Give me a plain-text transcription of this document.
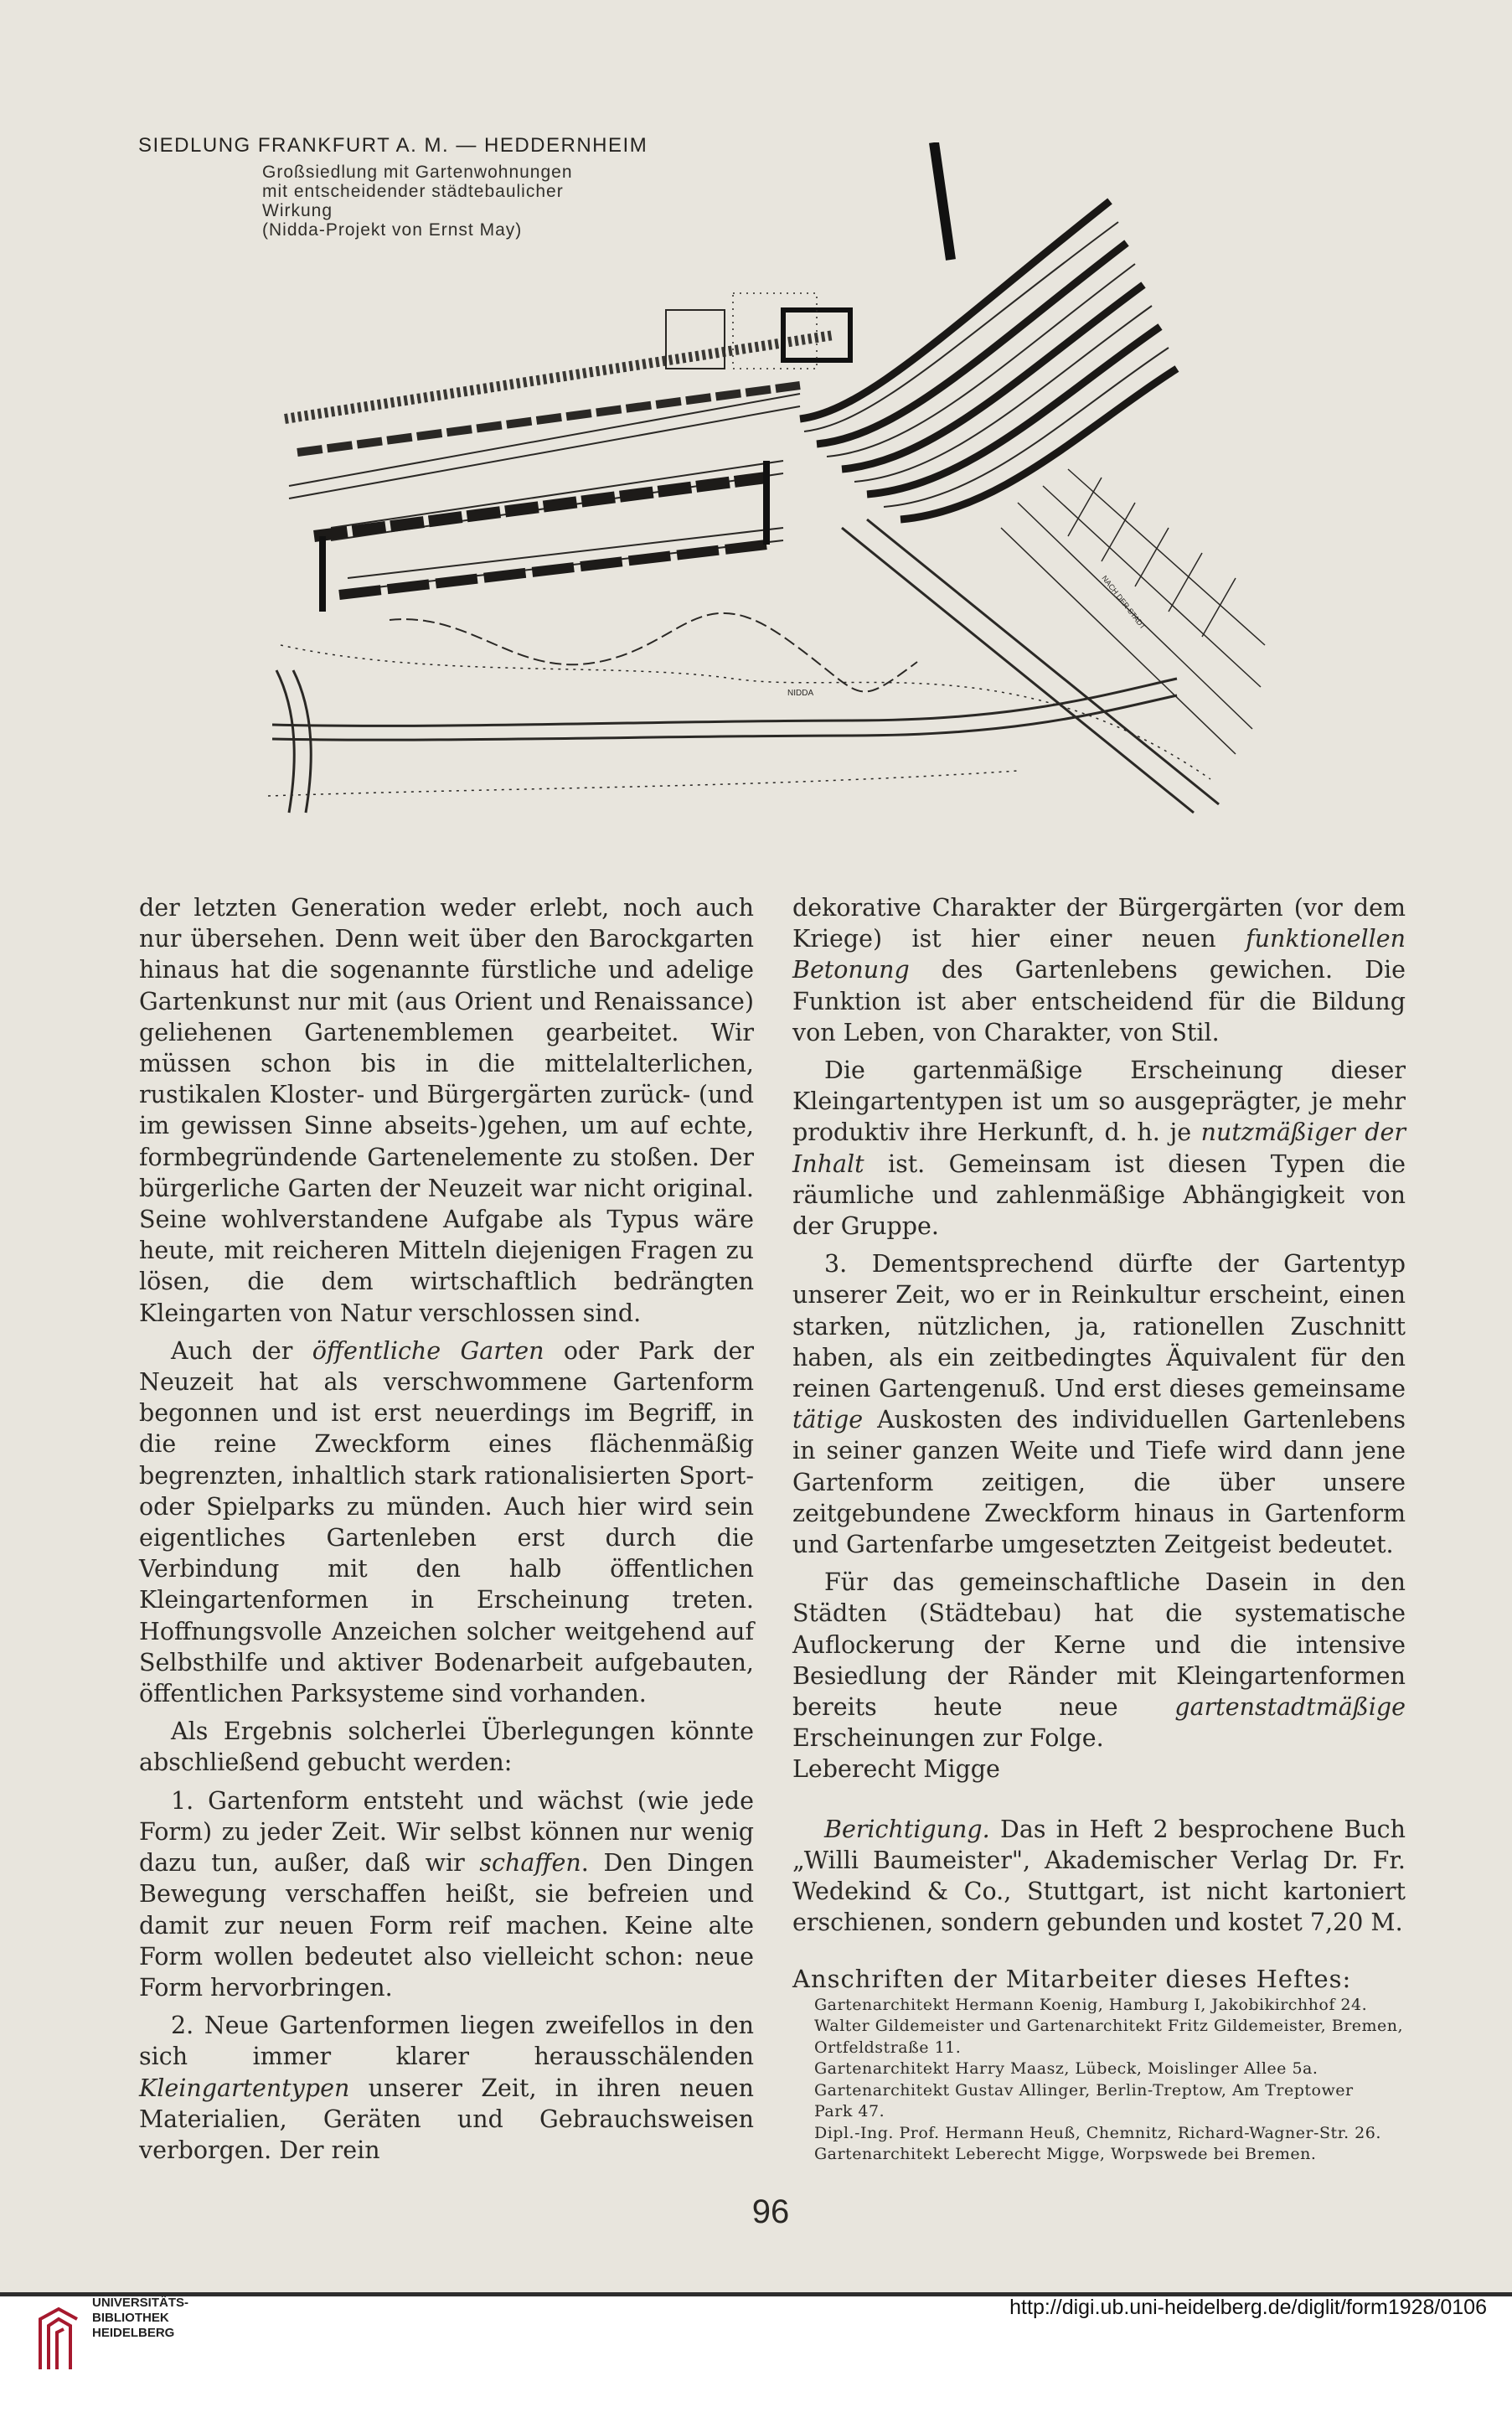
SIEDLUNG FRANKFURT A. M. — HEDDERNHEIM
Großsiedlung mit Gartenwohnungen
mit entscheidender städtebaulicher
Wirkung
(Nidda-Projekt von Ernst May)
NIDDA
NACH DER STADT

der letzten Generation weder erlebt, noch auch nur übersehen. Denn weit über den Barockgarten hinaus hat die sogenannte fürstliche und adelige Gartenkunst nur mit (aus Orient und Renaissance) geliehenen Gartenemblemen gearbeitet. Wir müssen schon bis in die mittelalterlichen, rustikalen Kloster- und Bürgergärten zurück- (und im gewissen Sinne abseits-)gehen, um auf echte, formbegründende Gartenelemente zu stoßen. Der bürgerliche Garten der Neuzeit war nicht original. Seine wohlverstandene Aufgabe als Typus wäre heute, mit reicheren Mitteln diejenigen Fragen zu lösen, die dem wirtschaftlich bedrängten Kleingarten von Natur verschlossen sind.

Auch der öffentliche Garten oder Park der Neuzeit hat als verschwommene Gartenform begonnen und ist erst neuerdings im Begriff, in die reine Zweckform eines flächenmäßig begrenzten, inhaltlich stark rationalisierten Sport- oder Spielparks zu münden. Auch hier wird sein eigentliches Gartenleben erst durch die Verbindung mit den halb öffentlichen Kleingartenformen in Erscheinung treten. Hoffnungsvolle Anzeichen solcher weitgehend auf Selbsthilfe und aktiver Bodenarbeit aufgebauten, öffentlichen Parksysteme sind vorhanden.

Als Ergebnis solcherlei Überlegungen könnte abschließend gebucht werden:

1. Gartenform entsteht und wächst (wie jede Form) zu jeder Zeit. Wir selbst können nur wenig dazu tun, außer, daß wir schaffen. Den Dingen Bewegung verschaffen heißt, sie befreien und damit zur neuen Form reif machen. Keine alte Form wollen bedeutet also vielleicht schon: neue Form hervorbringen.

2. Neue Gartenformen liegen zweifellos in den sich immer klarer herausschälenden Kleingartentypen unserer Zeit, in ihren neuen Materialien, Geräten und Gebrauchsweisen verborgen. Der rein

dekorative Charakter der Bürgergärten (vor dem Kriege) ist hier einer neuen funktionellen Betonung des Gartenlebens gewichen. Die Funktion ist aber entscheidend für die Bildung von Leben, von Charakter, von Stil.

Die gartenmäßige Erscheinung dieser Kleingartentypen ist um so ausgeprägter, je mehr produktiv ihre Herkunft, d. h. je nutzmäßiger der Inhalt ist. Gemeinsam ist diesen Typen die räumliche und zahlenmäßige Abhängigkeit von der Gruppe.

3. Dementsprechend dürfte der Gartentyp unserer Zeit, wo er in Reinkultur erscheint, einen starken, nützlichen, ja, rationellen Zuschnitt haben, als ein zeitbedingtes Äquivalent für den reinen Gartengenuß. Und erst dieses gemeinsame tätige Auskosten des individuellen Gartenlebens in seiner ganzen Weite und Tiefe wird dann jene Gartenform zeitigen, die über unsere zeitgebundene Zweckform hinaus in Gartenform und Gartenfarbe umgesetzten Zeitgeist bedeutet.

Für das gemeinschaftliche Dasein in den Städten (Städtebau) hat die systematische Auflockerung der Kerne und die intensive Besiedlung der Ränder mit Kleingartenformen bereits heute neue gartenstadtmäßige Erscheinungen zur Folge.

Leberecht Migge

Berichtigung. Das in Heft 2 besprochene Buch „Willi Baumeister", Akademischer Verlag Dr. Fr. Wedekind & Co., Stuttgart, ist nicht kartoniert erschienen, sondern gebunden und kostet 7,20 M.

Anschriften der Mitarbeiter dieses Heftes:

Gartenarchitekt Hermann Koenig, Hamburg I, Jakobikirchhof 24.
Walter Gildemeister und Gartenarchitekt Fritz Gildemeister, Bremen,
Ortfeldstraße 11.
Gartenarchitekt Harry Maasz, Lübeck, Moislinger Allee 5a.
Gartenarchitekt Gustav Allinger, Berlin-Treptow, Am Treptower
Park 47.
Dipl.-Ing. Prof. Hermann Heuß, Chemnitz, Richard-Wagner-Str. 26.
Gartenarchitekt Leberecht Migge, Worpswede bei Bremen.
96
UNIVERSITÄTS-
BIBLIOTHEK
HEIDELBERG
http://digi.ub.uni-heidelberg.de/diglit/form1928/0106
